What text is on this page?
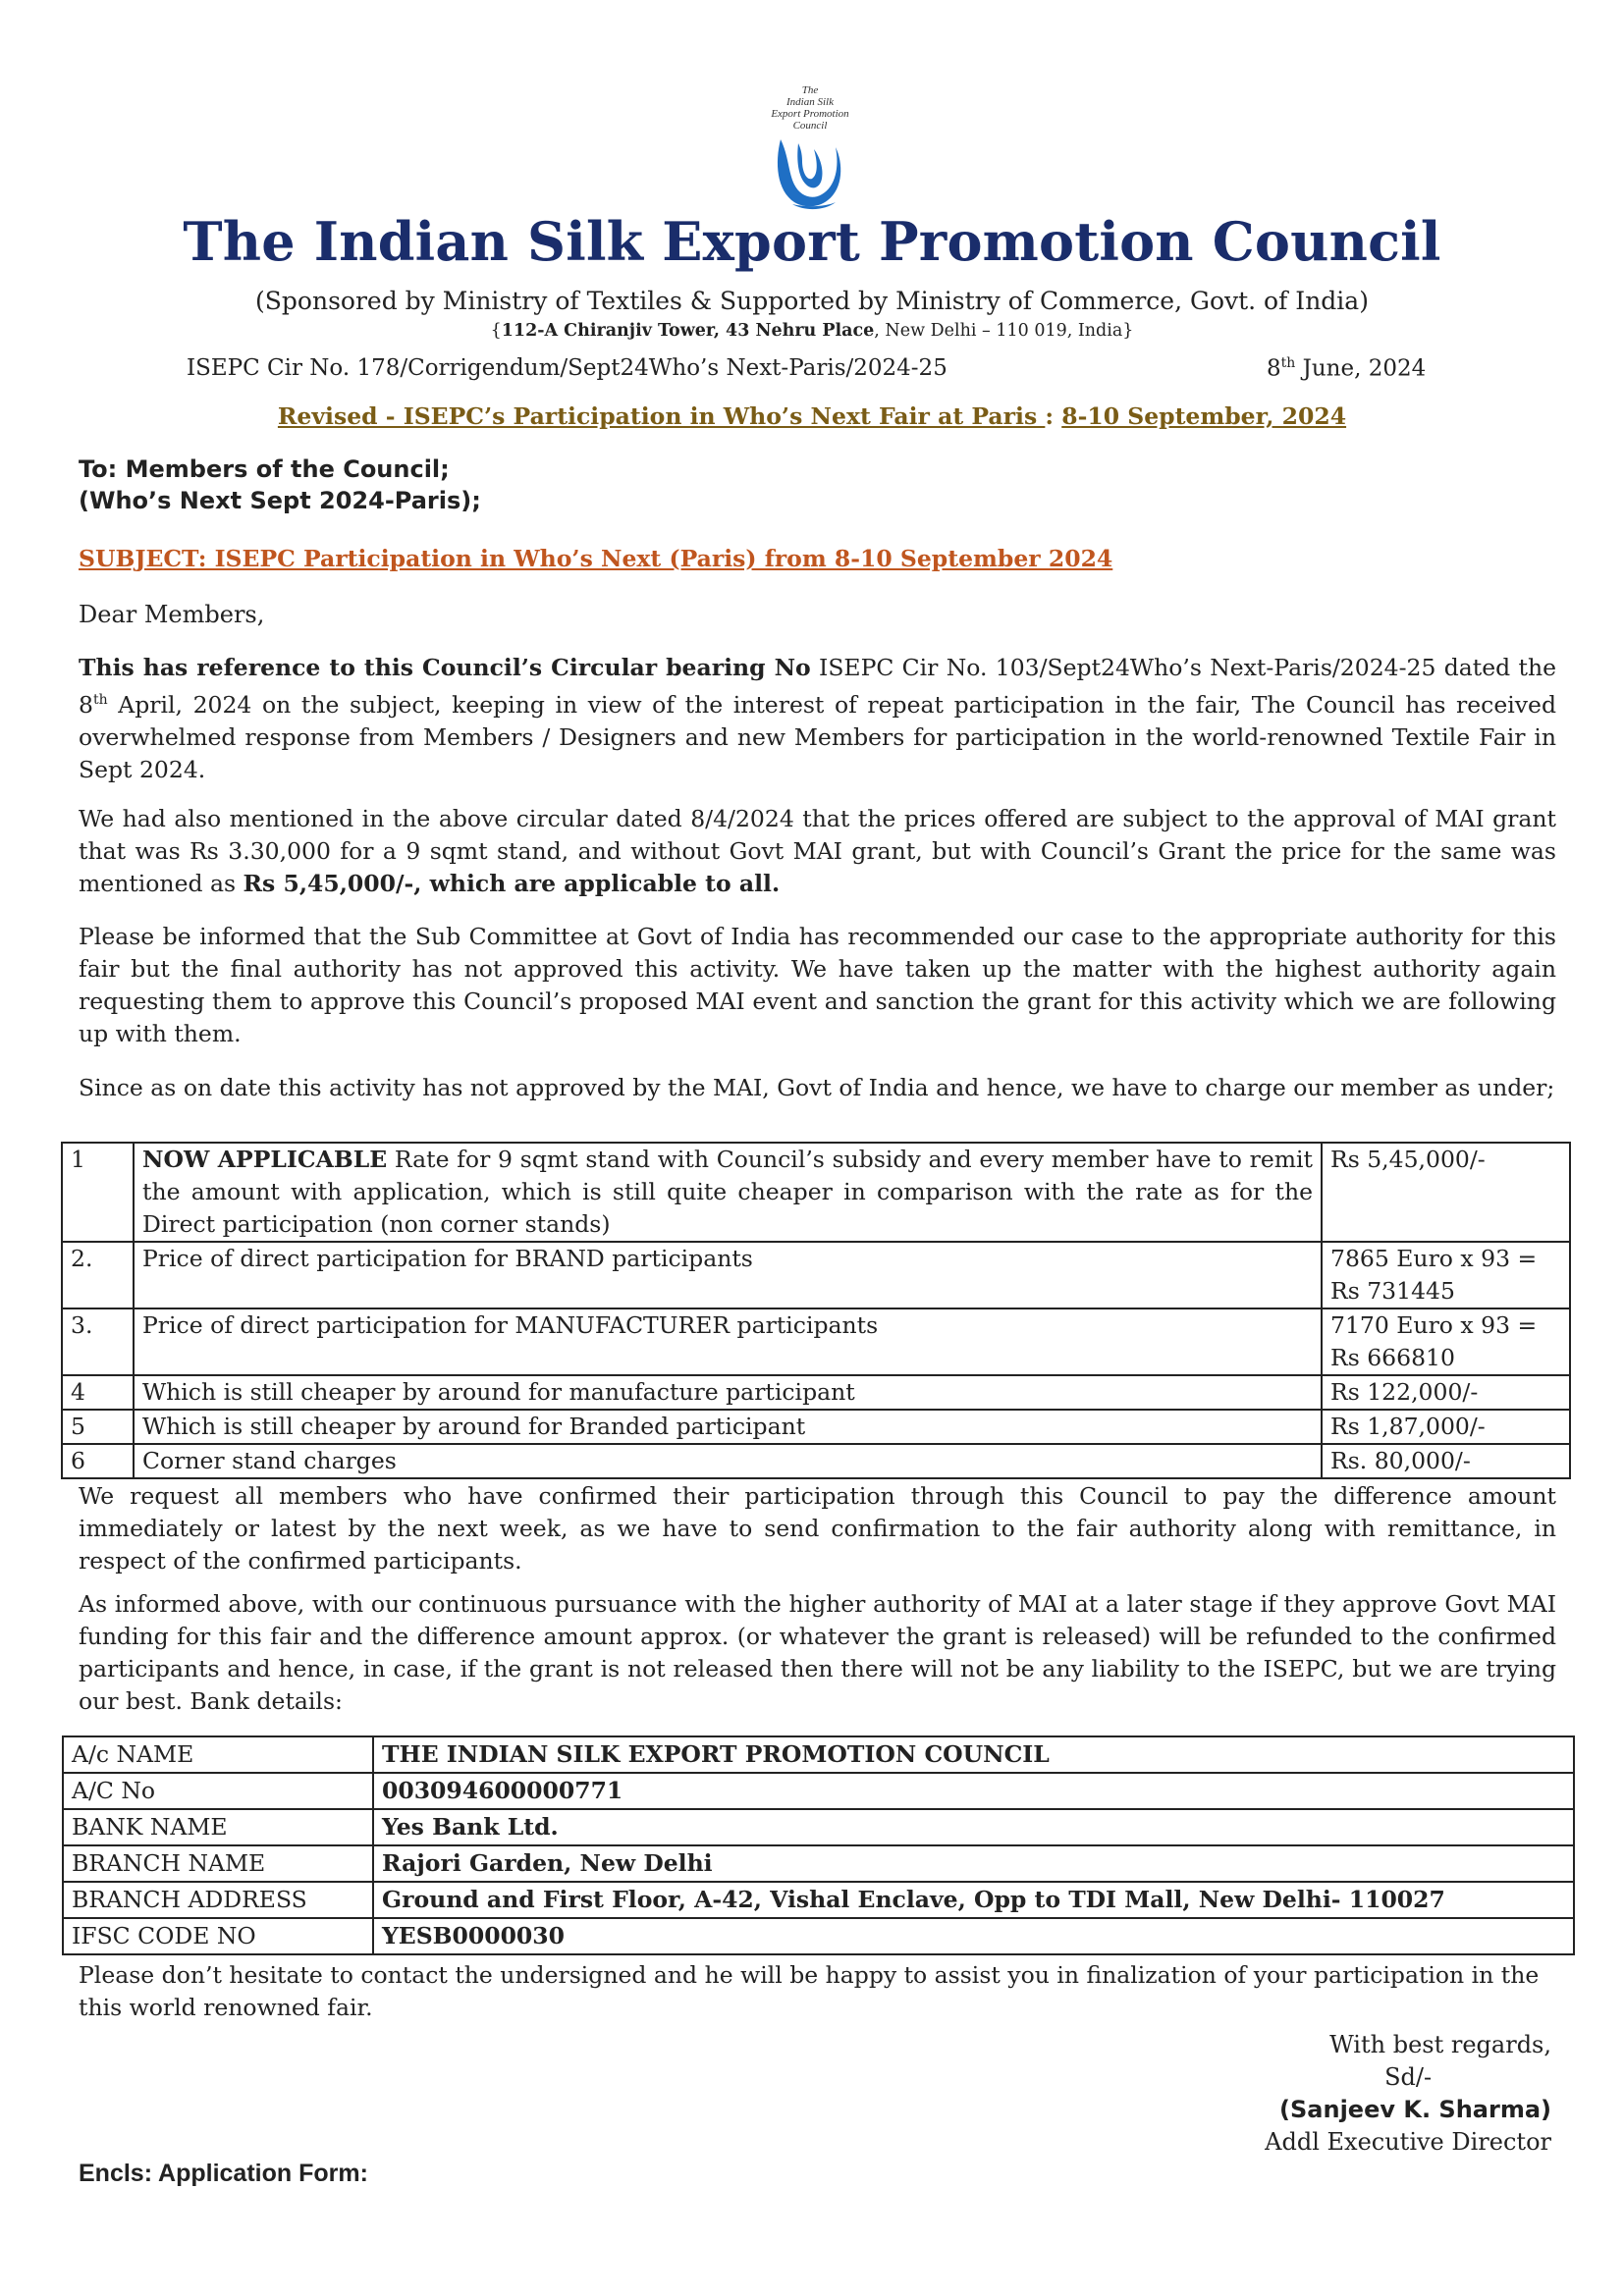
The
Indian Silk
Export Promotion
Council
The Indian Silk Export Promotion Council
(Sponsored by Ministry of Textiles & Supported by Ministry of Commerce, Govt. of India)
{112-A Chiranjiv Tower, 43 Nehru Place, New Delhi – 110 019, India}
ISEPC Cir No. 178/Corrigendum/Sept24Who’s Next-Paris/2024-25	8th June, 2024
Revised - ISEPC’s Participation in Who’s Next Fair at Paris : 8-10 September, 2024
To: Members of the Council;
(Who’s Next Sept 2024-Paris);
SUBJECT: ISEPC Participation in Who’s Next (Paris) from 8-10 September 2024
Dear Members,
This has reference to this Council’s Circular bearing No ISEPC Cir No. 103/Sept24Who’s Next-Paris/2024-25 dated the 8th April, 2024 on the subject, keeping in view of the interest of repeat participation in the fair, The Council has received overwhelmed response from Members / Designers and new Members for participation in the world-renowned Textile Fair in Sept 2024.
We had also mentioned in the above circular dated 8/4/2024 that the prices offered are subject to the approval of MAI grant that was Rs 3.30,000 for a 9 sqmt stand, and without Govt MAI grant, but with Council’s Grant the price for the same was mentioned as Rs 5,45,000/-, which are applicable to all.
Please be informed that the Sub Committee at Govt of India has recommended our case to the appropriate authority for this fair but the final authority has not approved this activity. We have taken up the matter with the highest authority again requesting them to approve this Council’s proposed MAI event and sanction the grant for this activity which we are following up with them.
Since as on date this activity has not approved by the MAI, Govt of India and hence, we have to charge our member as under;
1	NOW APPLICABLE Rate for 9 sqmt stand with Council’s subsidy and every member have to remit the amount with application, which is still quite cheaper in comparison with the rate as for the Direct participation (non corner stands)	Rs 5,45,000/-
2.	Price of direct participation for BRAND participants	7865 Euro x 93 = Rs 731445
3.	Price of direct participation for MANUFACTURER participants	7170 Euro x 93 = Rs 666810
4	Which is still cheaper by around for manufacture participant	Rs 122,000/-
5	Which is still cheaper by around for Branded participant	Rs 1,87,000/-
6	Corner stand charges	Rs. 80,000/-
We request all members who have confirmed their participation through this Council to pay the difference amount immediately or latest by the next week, as we have to send confirmation to the fair authority along with remittance, in respect of the confirmed participants.
As informed above, with our continuous pursuance with the higher authority of MAI at a later stage if they approve Govt MAI funding for this fair and the difference amount approx. (or whatever the grant is released) will be refunded to the confirmed participants and hence, in case, if the grant is not released then there will not be any liability to the ISEPC, but we are trying our best. Bank details:
A/c NAME	THE INDIAN SILK EXPORT PROMOTION COUNCIL
A/C No	003094600000771
BANK NAME	Yes Bank Ltd.
BRANCH NAME	Rajori Garden, New Delhi
BRANCH ADDRESS	Ground and First Floor, A-42, Vishal Enclave, Opp to TDI Mall, New Delhi- 110027
IFSC CODE NO	YESB0000030
Please don’t hesitate to contact the undersigned and he will be happy to assist you in finalization of your participation in the this world renowned fair.
With best regards,
Sd/-
(Sanjeev K. Sharma)
Addl Executive Director
Encls: Application Form:
